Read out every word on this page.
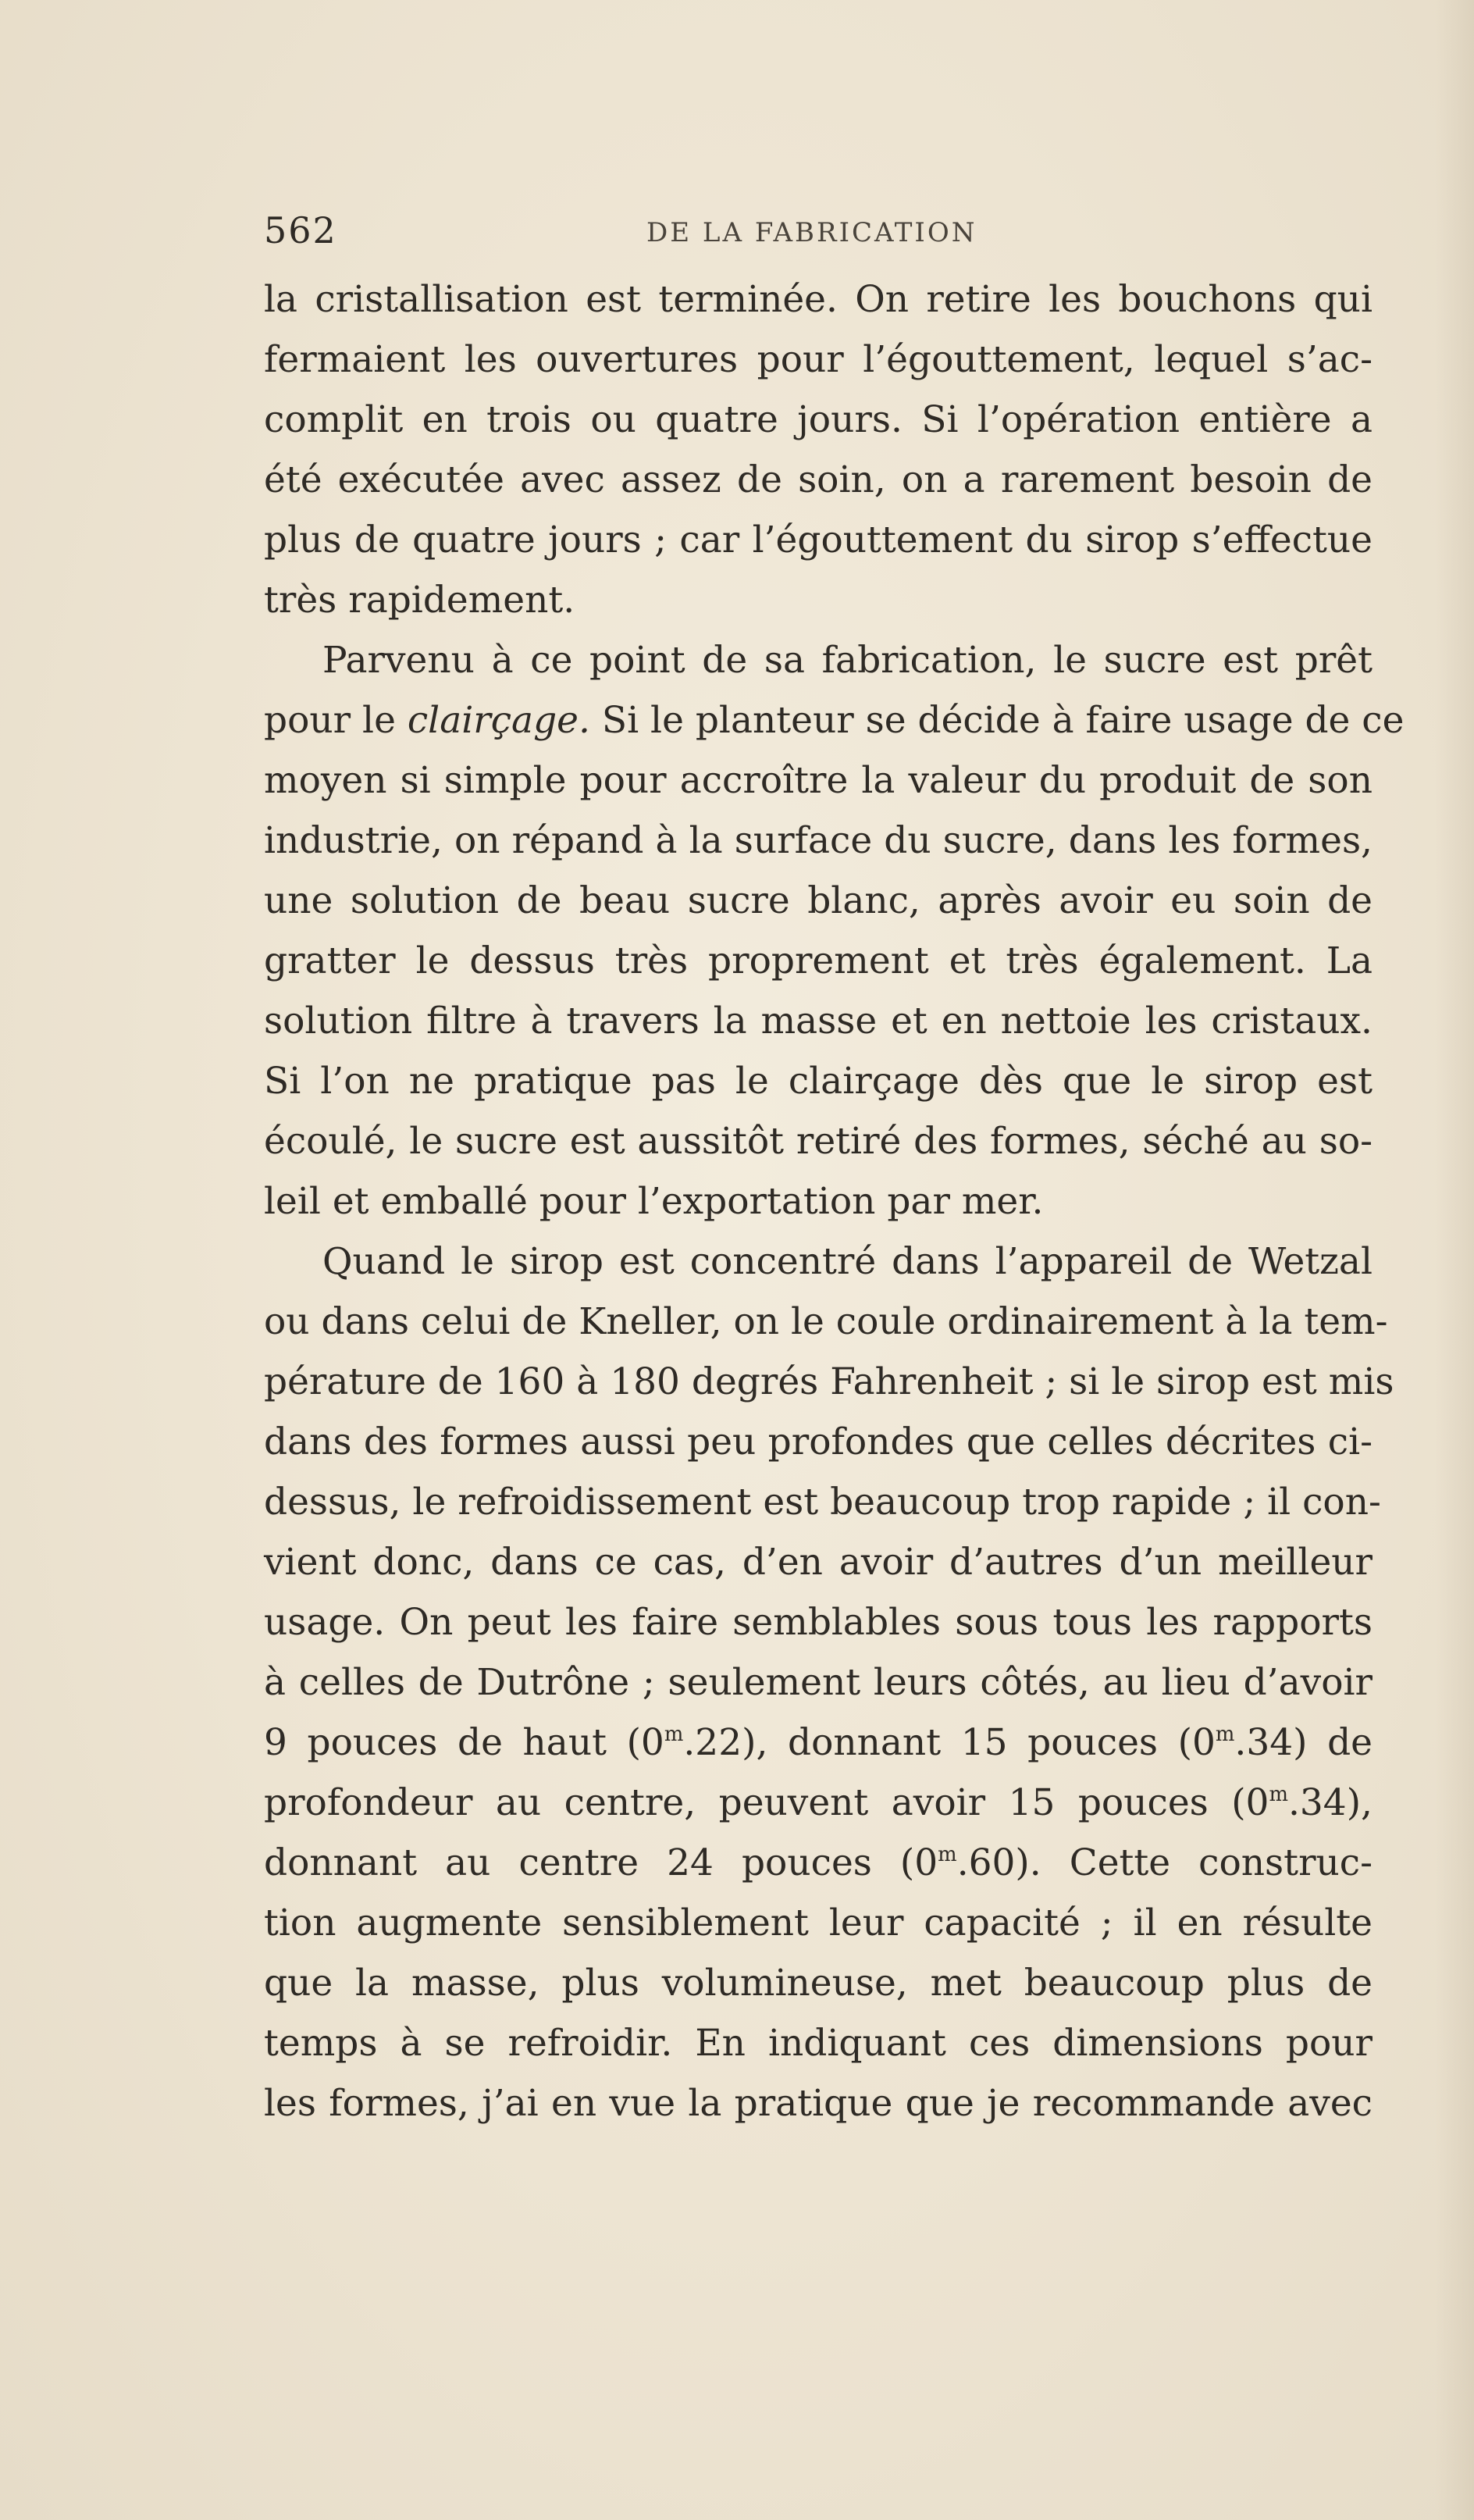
562	DE LA FABRICATION
la cristallisation est terminée. On retire les bouchons qui
fermaient les ouvertures pour l’égouttement, lequel s’ac-
complit en trois ou quatre jours. Si l’opération entière a
été exécutée avec assez de soin, on a rarement besoin de
plus de quatre jours ; car l’égouttement du sirop s’effectue
très rapidement.
Parvenu à ce point de sa fabrication, le sucre est prêt
pour le clairçage. Si le planteur se décide à faire usage de ce
moyen si simple pour accroître la valeur du produit de son
industrie, on répand à la surface du sucre, dans les formes,
une solution de beau sucre blanc, après avoir eu soin de
gratter le dessus très proprement et très également. La
solution filtre à travers la masse et en nettoie les cristaux.
Si l’on ne pratique pas le clairçage dès que le sirop est
écoulé, le sucre est aussitôt retiré des formes, séché au so-
leil et emballé pour l’exportation par mer.
Quand le sirop est concentré dans l’appareil de Wetzal
ou dans celui de Kneller, on le coule ordinairement à la tem-
pérature de 160 à 180 degrés Fahrenheit ; si le sirop est mis
dans des formes aussi peu profondes que celles décrites ci-
dessus, le refroidissement est beaucoup trop rapide ; il con-
vient donc, dans ce cas, d’en avoir d’autres d’un meilleur
usage. On peut les faire semblables sous tous les rapports
à celles de Dutrône ; seulement leurs côtés, au lieu d’avoir
9 pouces de haut (0$^m$.22), donnant 15 pouces (0$^m$.34) de
profondeur au centre, peuvent avoir 15 pouces (0$^m$.34),
donnant au centre 24 pouces (0$^m$.60). Cette construc-
tion augmente sensiblement leur capacité ; il en résulte
que la masse, plus volumineuse, met beaucoup plus de
temps à se refroidir. En indiquant ces dimensions pour
les formes, j’ai en vue la pratique que je recommande avec
